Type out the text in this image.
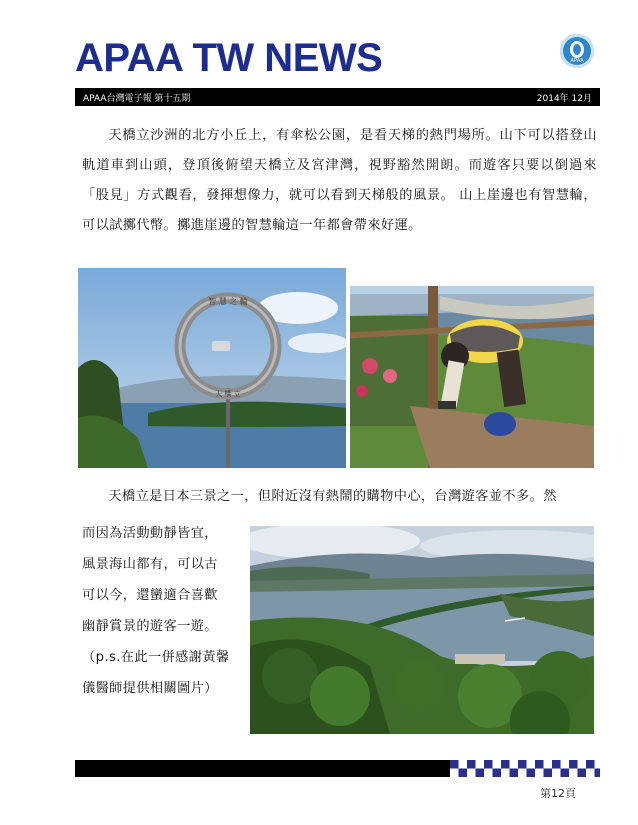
APAA TW NEWS	APAA
APAA台灣電子報 第十五期	2014年 12月

天橋立沙洲的北方小丘上，有傘松公園，是看天梯的熱門場所。山下可以搭登山軌道車到山頭，登頂後俯望天橋立及宮津灣，視野豁然開朗。而遊客只要以倒過來「股見」方式觀看，發揮想像力，就可以看到天梯般的風景。 山上崖邊也有智慧輪，可以試擲代幣。擲進崖邊的智慧輪這一年都會帶來好運。

智 慧 之 輪
天 橋 立

天橋立是日本三景之一，但附近沒有熱鬧的購物中心，台灣遊客並不多。然

而因為活動動靜皆宜，
風景海山都有，可以古
可以今，還蠻適合喜歡
幽靜賞景的遊客一遊。
（p.s.在此一併感謝黃馨
儀醫師提供相關圖片）
第12頁
